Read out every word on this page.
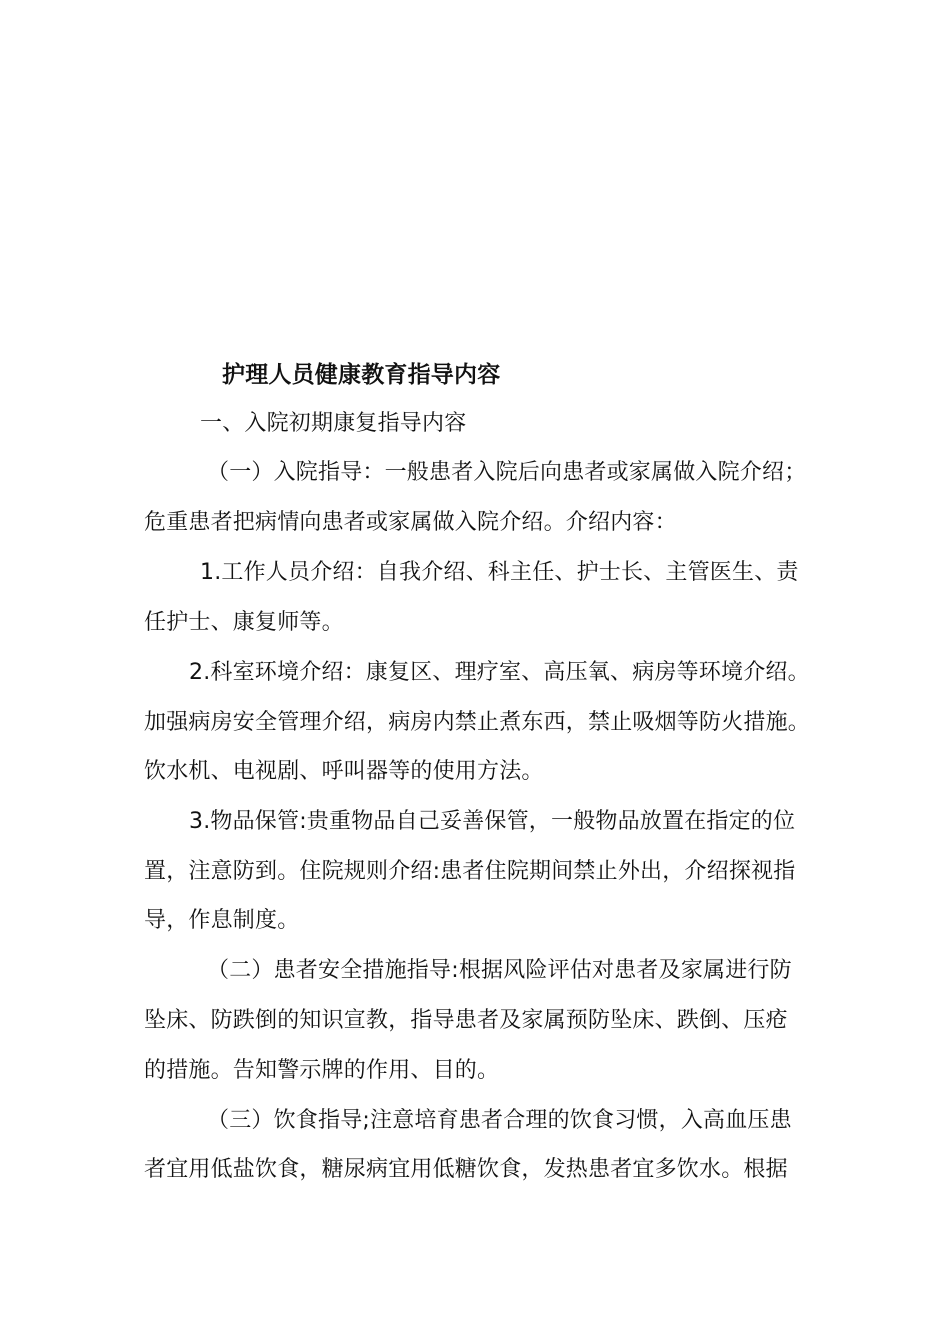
护理人员健康教育指导内容
一、入院初期康复指导内容
（一）入院指导：一般患者入院后向患者或家属做入院介绍；
危重患者把病情向患者或家属做入院介绍。介绍内容：
1.工作人员介绍：自我介绍、科主任、护士长、主管医生、责
任护士、康复师等。
2.科室环境介绍：康复区、理疗室、高压氧、病房等环境介绍。
加强病房安全管理介绍，病房内禁止煮东西，禁止吸烟等防火措施。
饮水机、电视剧、呼叫器等的使用方法。
3.物品保管:贵重物品自己妥善保管，一般物品放置在指定的位
置，注意防到。住院规则介绍:患者住院期间禁止外出，介绍探视指
导，作息制度。
（二）患者安全措施指导:根据风险评估对患者及家属进行防
坠床、防跌倒的知识宣教，指导患者及家属预防坠床、跌倒、压疮
的措施。告知警示牌的作用、目的。
（三）饮食指导;注意培育患者合理的饮食习惯，入高血压患
者宜用低盐饮食，糖尿病宜用低糖饮食，发热患者宜多饮水。根据
